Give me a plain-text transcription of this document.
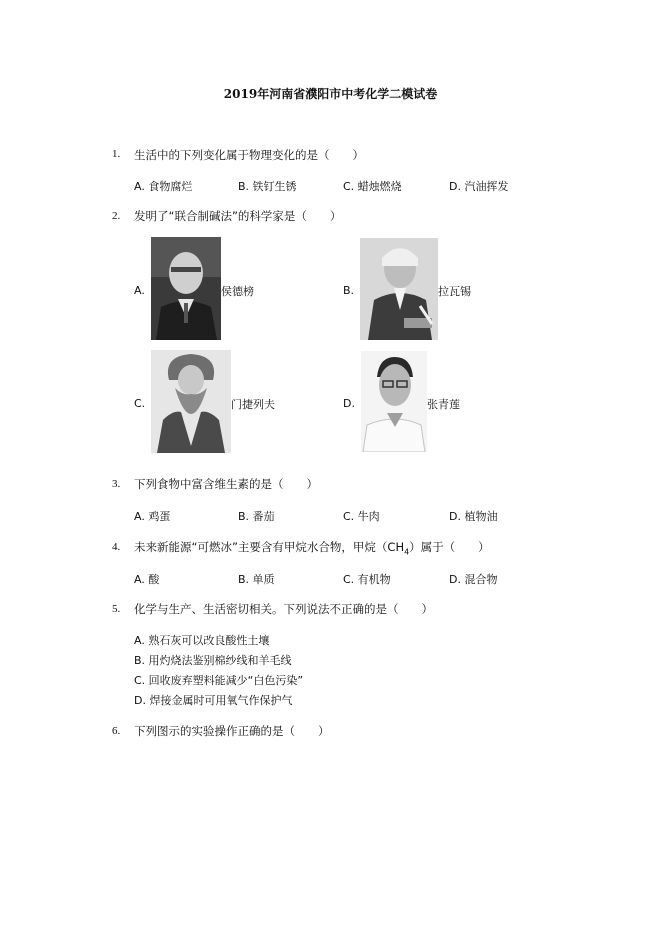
2019年河南省濮阳市中考化学二模试卷
1. 生活中的下列变化属于物理变化的是（　　）
A. 食物腐烂	B. 铁钉生锈	C. 蜡烛燃烧	D. 汽油挥发
2. 发明了“联合制碱法”的科学家是（　　）
A.	侯德榜	B.	拉瓦锡
C.	门捷列夫	D.	张青莲
3. 下列食物中富含维生素的是（　　）
A. 鸡蛋	B. 番茄	C. 牛肉	D. 植物油
4. 未来新能源“可燃冰”主要含有甲烷水合物，甲烷$(CH_4)$属于（　　）
A. 酸	B. 单质	C. 有机物	D. 混合物
5. 化学与生产、生活密切相关。下列说法不正确的是（　　）
A. 熟石灰可以改良酸性土壤
B. 用灼烧法鉴别棉纱线和羊毛线
C. 回收废弃塑料能减少“白色污染”
D. 焊接金属时可用氧气作保护气
6. 下列图示的实验操作正确的是（　　）
